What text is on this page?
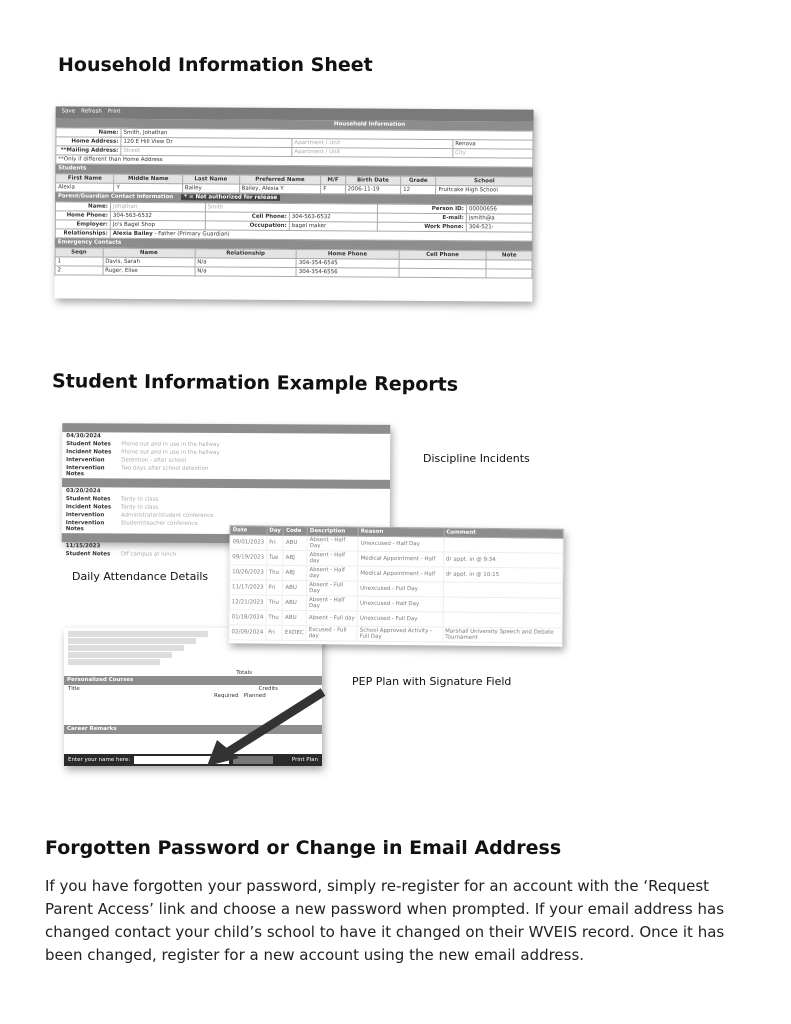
Household Information Sheet
Save Refresh Print
Household Information
Name:	Smith, Johathan		
Home Address:	120 E Hill View Dr	Apartment / Unit	Renova
**Mailing Address:	Street	Apartment / Unit	City
**Only if different than Home Address			
Students
First Name	Middle Name	Last Name	Preferred Name	M/F	Birth Date	Grade	School
Alexia	Y	Bailey	Bailey, Alexia Y	F	2006-11-19	12	Fruitcake High School
Parent/Guardian Contact Information * = Not authorized for release
Name:	Johathan	Smith		Person ID:	00000656
Home Phone:	304-563-6532	Cell Phone:	304-563-6532	E-mail:	jsmith@a
Employer:	Jo's Bagel Shop	Occupation:	bagel maker	Work Phone:	304-521-
Relationships:	Alexia Bailey - Father (Primary Guardian)				
Emergency Contacts
Seqn	Name	Relationship	Home Phone	Cell Phone	Note
1	Davis, Sarah	N/a	304-354-6545		
2	Ruger, Elise	N/a	304-354-6556		
Student Information Example Reports

04/30/2024
Student Notes	Phone out and in use in the hallway
Incident Notes	Phone out and in use in the hallway
Intervention	Detention - after school
Intervention Notes
Two days after school detention

03/20/2024
Student Notes	Tardy to class
Incident Notes	Tardy to class
Intervention	Administrator/student conference
Intervention Notes
Student/teacher conference

11/15/2023
Student Notes	Off campus at lunch
Discipline Incidents
Totals
Personalized Courses
Title	Credits
Required Planned
Career Remarks
Enter your name here:	Print Plan
Date	Day	Code	Description	Reason	Comment
09/01/2023	Fri	ABU	Absent - Half Day	Unexcused - Half Day	
09/19/2023	Tue	ABJ	Absent - Half day	Medical Appointment - Half	dr appt. in @ 9:34
10/26/2023	Thu	ABJ	Absent - Half day	Medical Appointment - Half	dr appt. in @ 10:15
11/17/2023	Fri	ABU	Absent - Full Day	Unexcused - Full Day	
12/21/2023	Thu	ABU	Absent - Half Day	Unexcused - Half Day	
01/18/2024	Thu	ABU	Absent - Full day	Unexcused - Full Day	
02/09/2024	Fri	EXDEC	Excused - Full day	School Approved Activity - Full Day	Marshall University Speech and Debate Tournament
Daily Attendance Details
PEP Plan with Signature Field
Forgotten Password or Change in Email Address

If you have forgotten your password, simply re-register for an account with the ‘Request Parent Access’ link and choose a new password when prompted. If your email address has changed contact your child’s school to have it changed on their WVEIS record. Once it has been changed, register for a new account using the new email address.
